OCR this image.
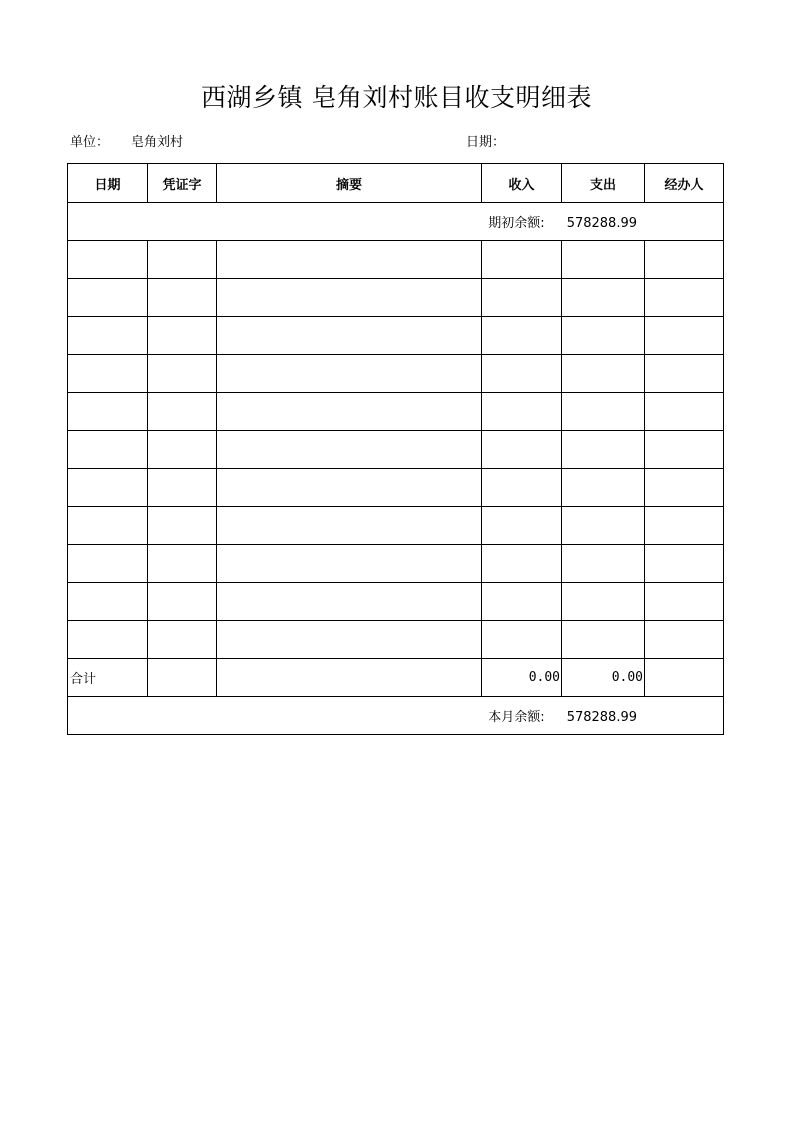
西湖乡镇 皂角刘村账目收支明细表
单位： 皂角刘村	日期：
日期	凭证字	摘要	收入	支出	经办人
期初余额: 578288.99					

合计			0.00	0.00	
本月余额: 578288.99					
